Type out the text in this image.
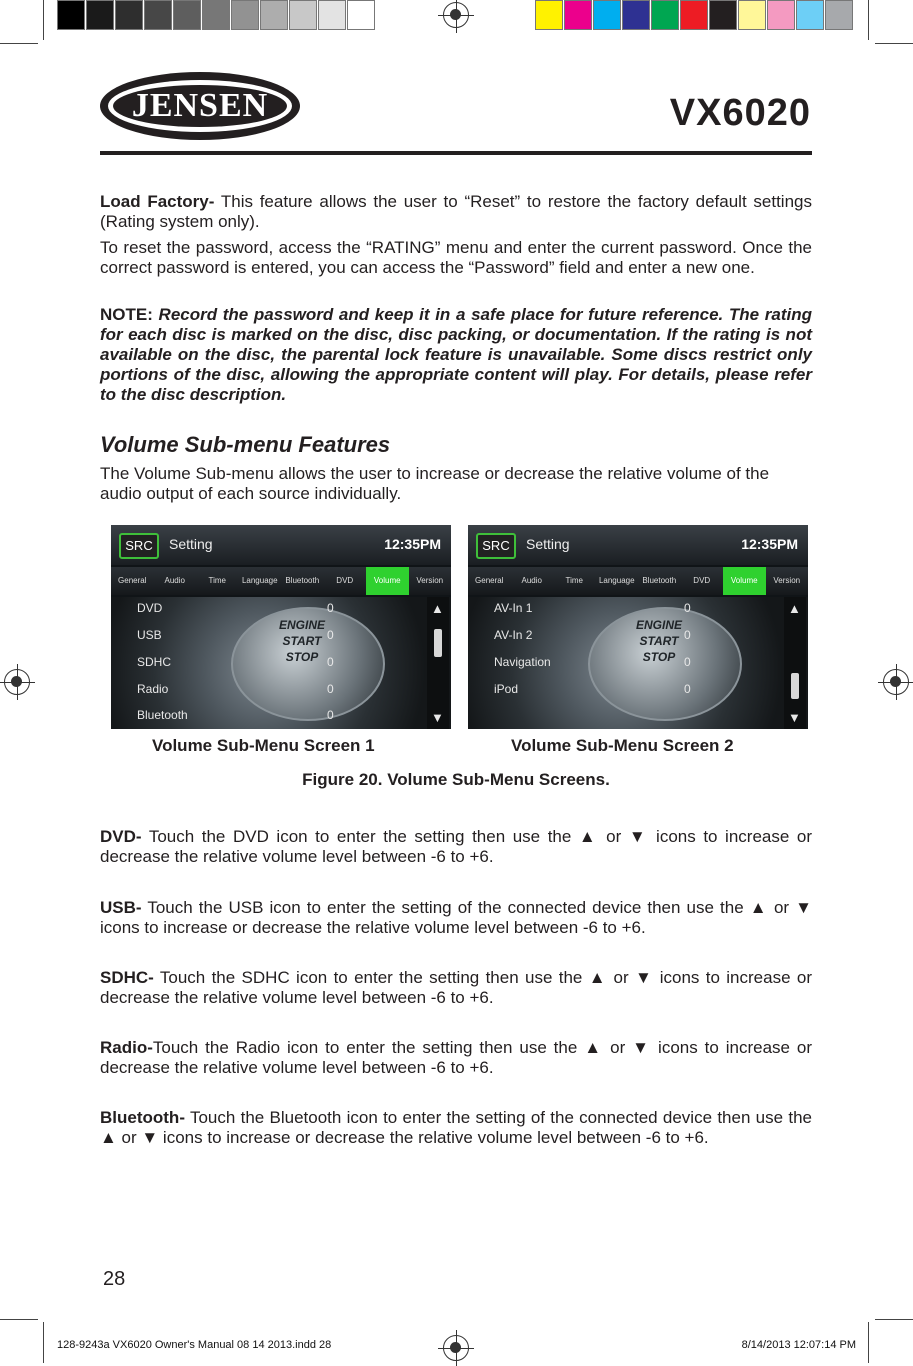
JENSEN	VX6020
Load Factory- This feature allows the user to “Reset” to restore the factory default settings (Rating system only).
To reset the password, access the “RATING” menu and enter the current password. Once the correct password is entered, you can access the “Password” field and enter a new one.
NOTE: Record the password and keep it in a safe place for future reference. The rating for each disc is marked on the disc, disc packing, or documentation. If the rating is not available on the disc, the parental lock feature is unavailable. Some discs restrict only portions of the disc, allowing the appropriate content will play. For details, please refer to the disc description.
Volume Sub-menu Features
The Volume Sub-menu allows the user to increase or decrease the relative volume of the audio output of each source individually.
SRC	Setting	12:35PM
General	Audio	Time	Language Bluetooth	DVD	Volume	Version
ENGINE
START
STOP
DVD	0
USB	0
SDHC	0
Radio	0
Bluetooth	0
▲
▼
SRC	Setting	12:35PM
General	Audio	Time	Language Bluetooth	DVD	Volume	Version
ENGINE
START
STOP
AV-In 1	0
AV-In 2	0
Navigation	0
iPod	0
▲
▼
Volume Sub-Menu Screen 1	Volume Sub-Menu Screen 2
Figure 20. Volume Sub-Menu Screens.
DVD- Touch the DVD icon to enter the setting then use the ▲ or ▼ icons to increase or decrease the relative volume level between -6 to +6.
USB- Touch the USB icon to enter the setting of the connected device then use the ▲ or ▼ icons to increase or decrease the relative volume level between -6 to +6.
SDHC- Touch the SDHC icon to enter the setting then use the ▲ or ▼ icons to increase or decrease the relative volume level between -6 to +6.
Radio-Touch the Radio icon to enter the setting then use the ▲ or ▼ icons to increase or decrease the relative volume level between -6 to +6.
Bluetooth- Touch the Bluetooth icon to enter the setting of the connected device then use the ▲ or ▼ icons to increase or decrease the relative volume level between -6 to +6.
28
128-9243a VX6020 Owner's Manual 08 14 2013.indd 28	8/14/2013 12:07:14 PM
